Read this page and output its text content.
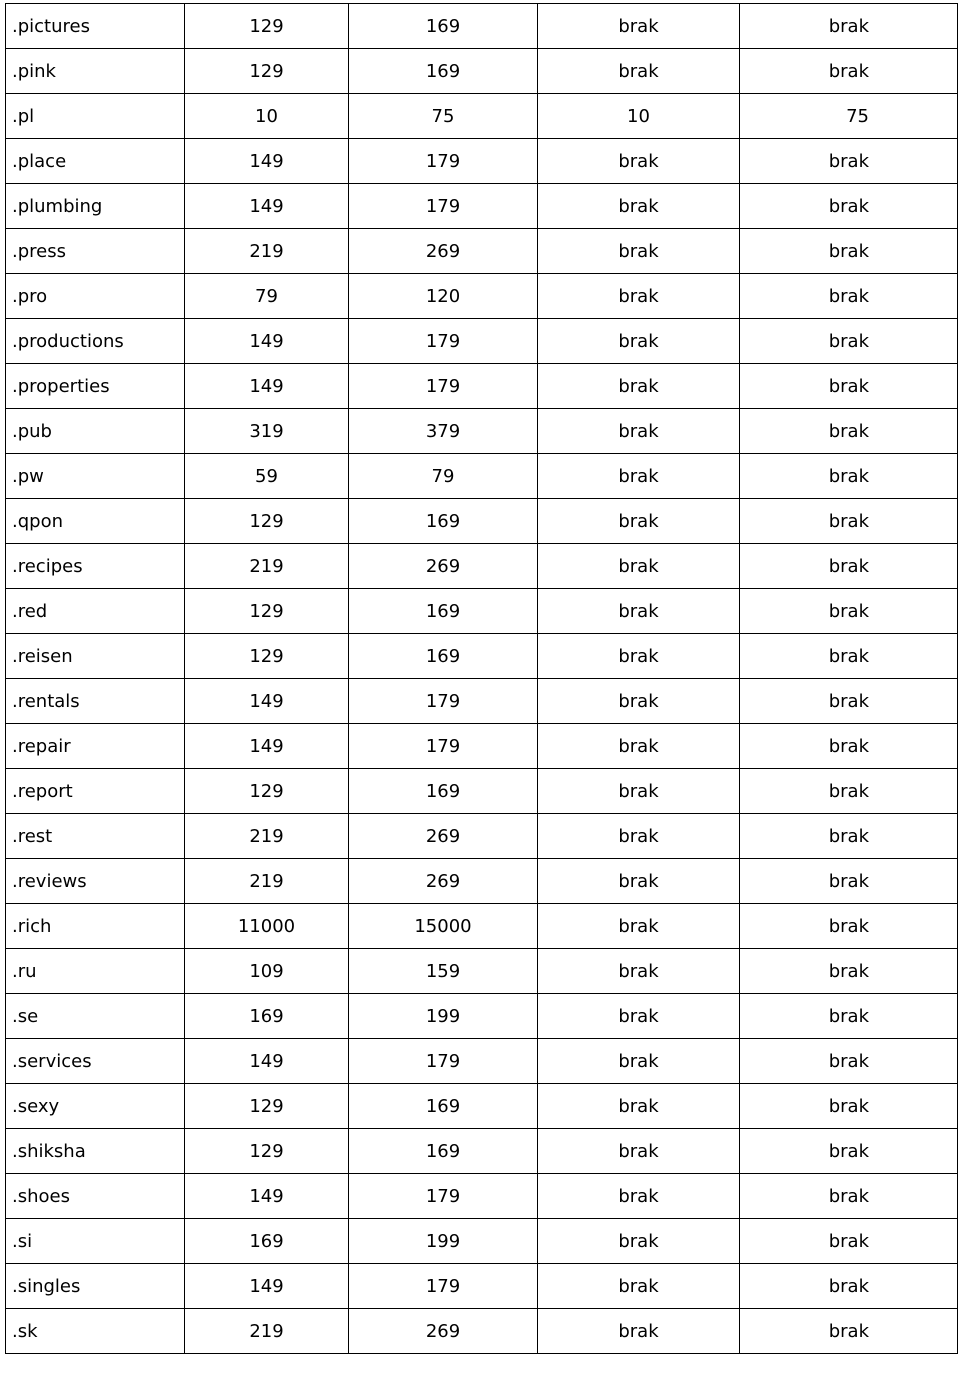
.pictures	129	169	brak	brak
.pink	129	169	brak	brak
.pl	10	75	10	75
.place	149	179	brak	brak
.plumbing	149	179	brak	brak
.press	219	269	brak	brak
.pro	79	120	brak	brak
.productions	149	179	brak	brak
.properties	149	179	brak	brak
.pub	319	379	brak	brak
.pw	59	79	brak	brak
.qpon	129	169	brak	brak
.recipes	219	269	brak	brak
.red	129	169	brak	brak
.reisen	129	169	brak	brak
.rentals	149	179	brak	brak
.repair	149	179	brak	brak
.report	129	169	brak	brak
.rest	219	269	brak	brak
.reviews	219	269	brak	brak
.rich	11000	15000	brak	brak
.ru	109	159	brak	brak
.se	169	199	brak	brak
.services	149	179	brak	brak
.sexy	129	169	brak	brak
.shiksha	129	169	brak	brak
.shoes	149	179	brak	brak
.si	169	199	brak	brak
.singles	149	179	brak	brak
.sk	219	269	brak	brak
